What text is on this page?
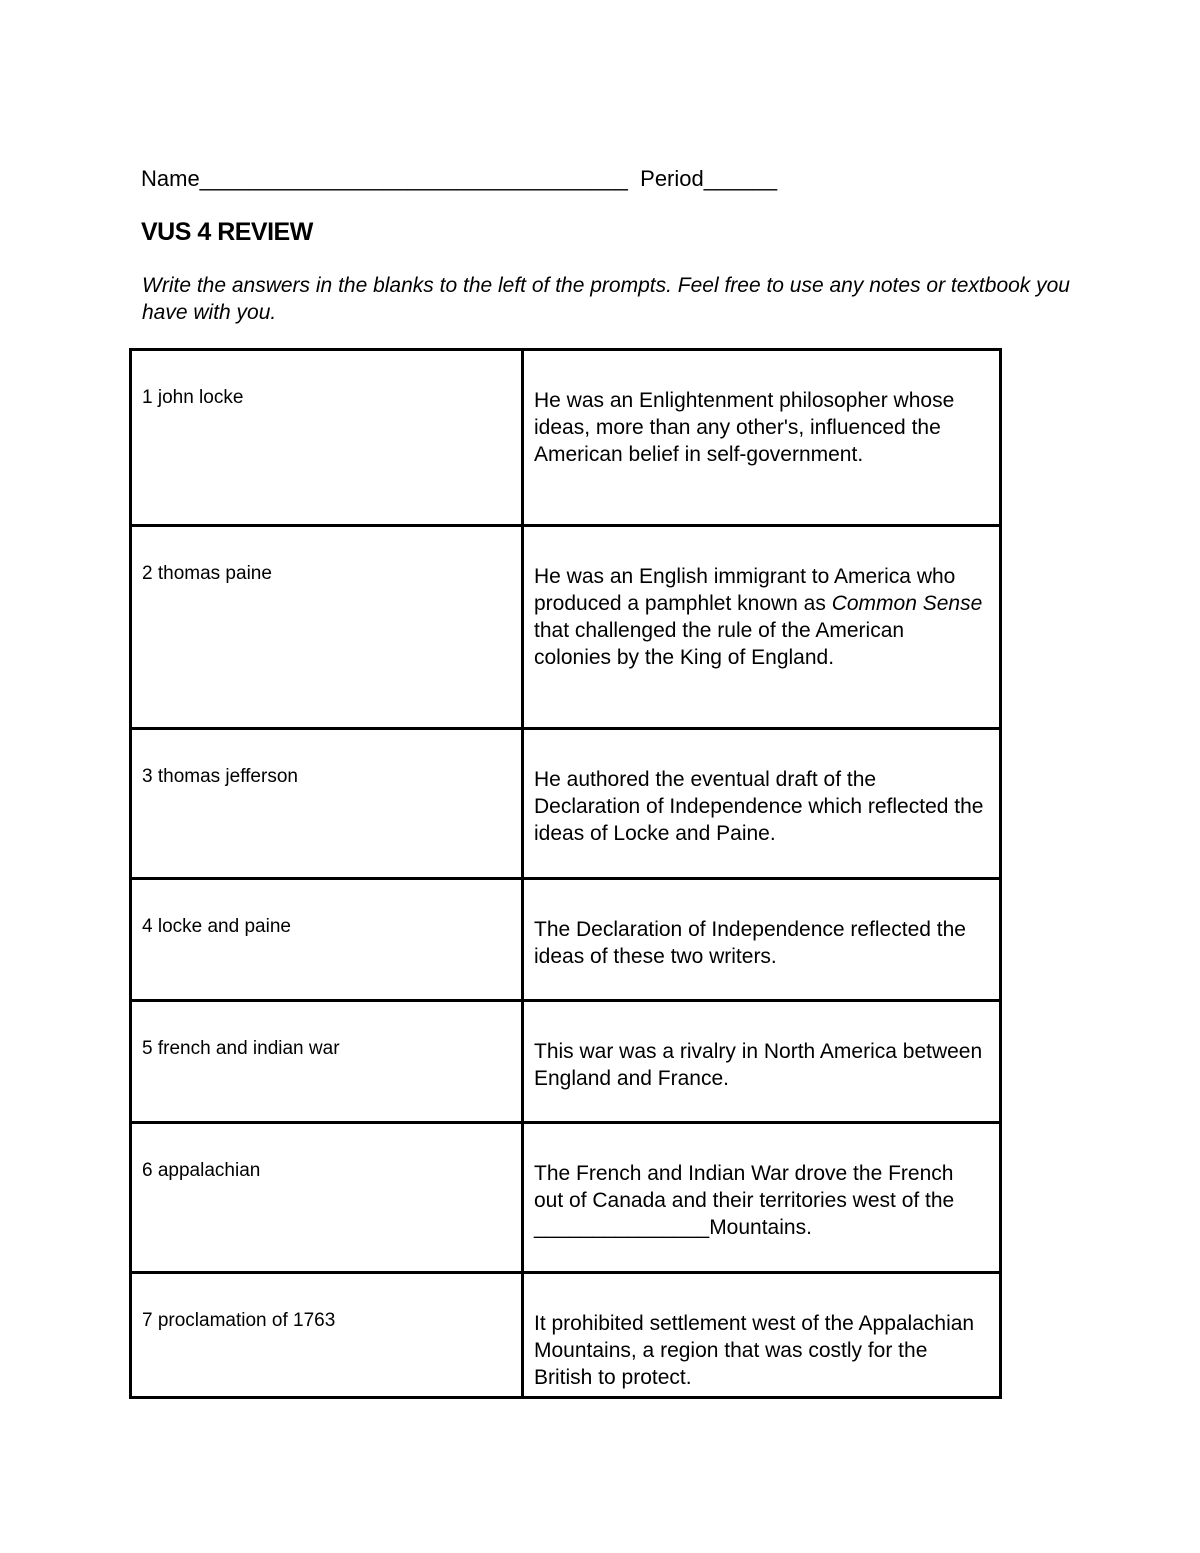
Name___________________________________  Period______
VUS 4 REVIEW
Write the answers in the blanks to the left of the prompts. Feel free to use any notes or textbook you have with you.
1 john locke	He was an Enlightenment philosopher whose ideas, more than any other's, influenced the American belief in self-government.
2 thomas paine	He was an English immigrant to America who produced a pamphlet known as Common Sense that challenged the rule of the American colonies by the King of England.
3 thomas jefferson	He authored the eventual draft of the Declaration of Independence which reflected the ideas of Locke and Paine.
4 locke and paine	The Declaration of Independence reflected the ideas of these two writers.
5 french and indian war	This war was a rivalry in North America between England and France.
6 appalachian	The French and Indian War drove the French out of Canada and their territories west of the _______________Mountains.
7 proclamation of 1763	It prohibited settlement west of the Appalachian Mountains, a region that was costly for the British to protect.
